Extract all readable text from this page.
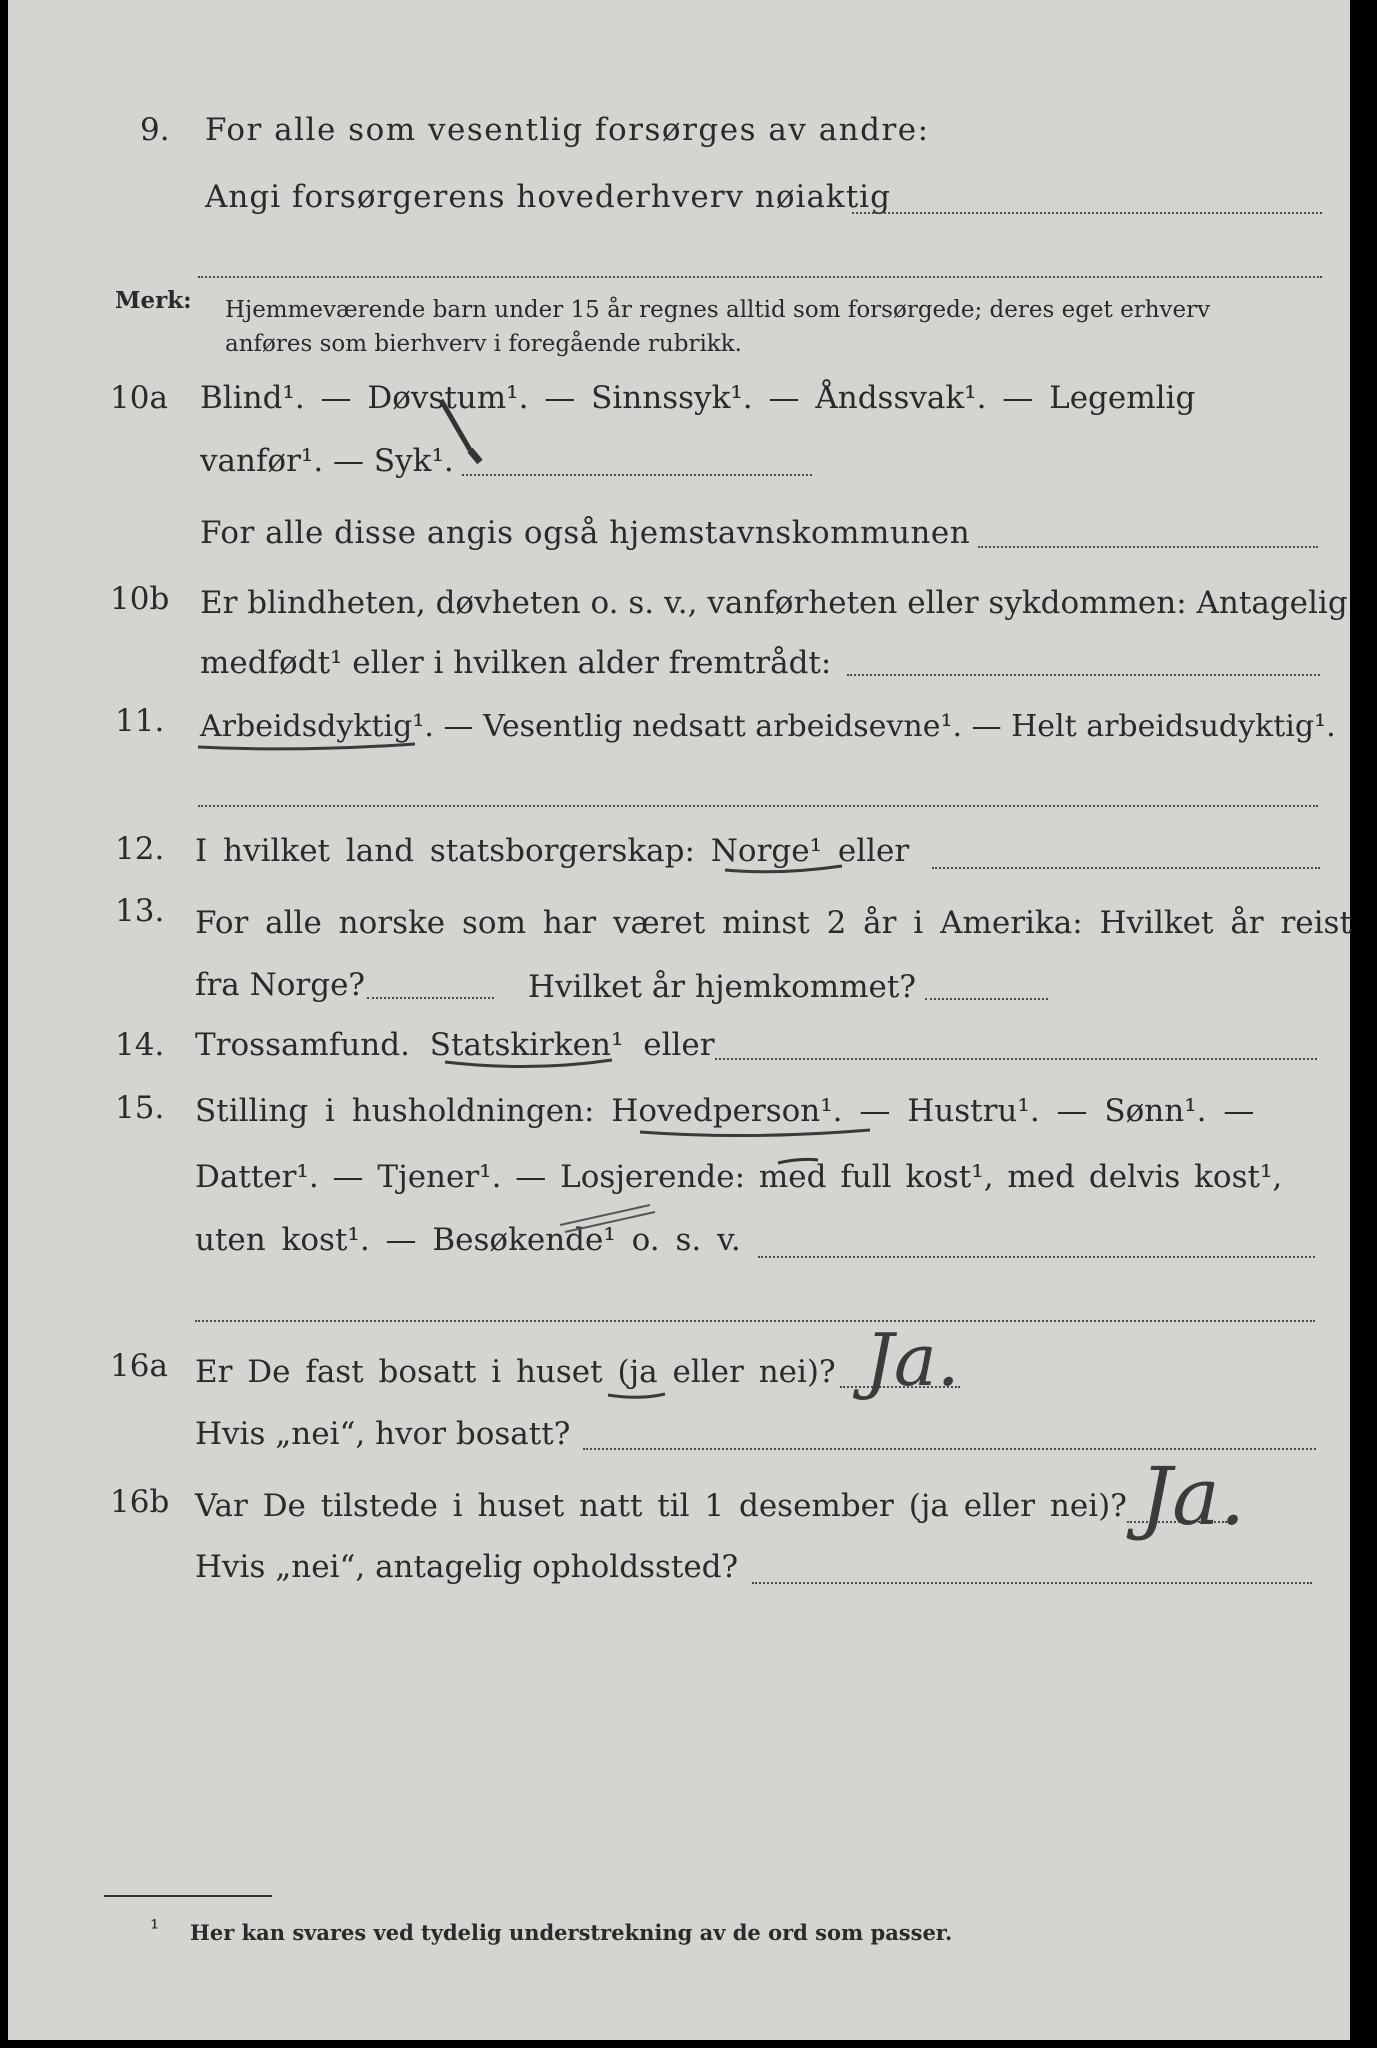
9. For alle som vesentlig forsørges av andre:
Angi forsørgerens hovederhverv nøiaktig
Merk: Hjemmeværende barn under 15 år regnes alltid som forsørgede; deres eget erhverv
anføres som bierhverv i foregående rubrikk.
10a Blind¹. — Døvstum¹. — Sinnssyk¹. — Åndssvak¹. — Legemlig
vanfør¹. — Syk¹.
For alle disse angis også hjemstavnskommunen
10b Er blindheten, døvheten o. s. v., vanførheten eller sykdommen: Antagelig
medfødt¹ eller i hvilken alder fremtrådt:
11. Arbeidsdyktig¹. — Vesentlig nedsatt arbeidsevne¹. — Helt arbeidsudyktig¹.
12. I hvilket land statsborgerskap: Norge¹ eller
13. For alle norske som har været minst 2 år i Amerika: Hvilket år reist
fra Norge?	Hvilket år hjemkommet?
14. Trossamfund. Statskirken¹ eller
15. Stilling i husholdningen: Hovedperson¹. — Hustru¹. — Sønn¹. —
Datter¹. — Tjener¹. — Losjerende: med full kost¹, med delvis kost¹,
uten kost¹. — Besøkende¹ o. s. v.
16a Er De fast bosatt i huset (ja eller nei)? Ja.
Hvis „nei“, hvor bosatt?
16b Var De tilstede i huset natt til 1 desember (ja eller nei)? Ja.
Hvis „nei“, antagelig opholdssted?
¹ Her kan svares ved tydelig understrekning av de ord som passer.
